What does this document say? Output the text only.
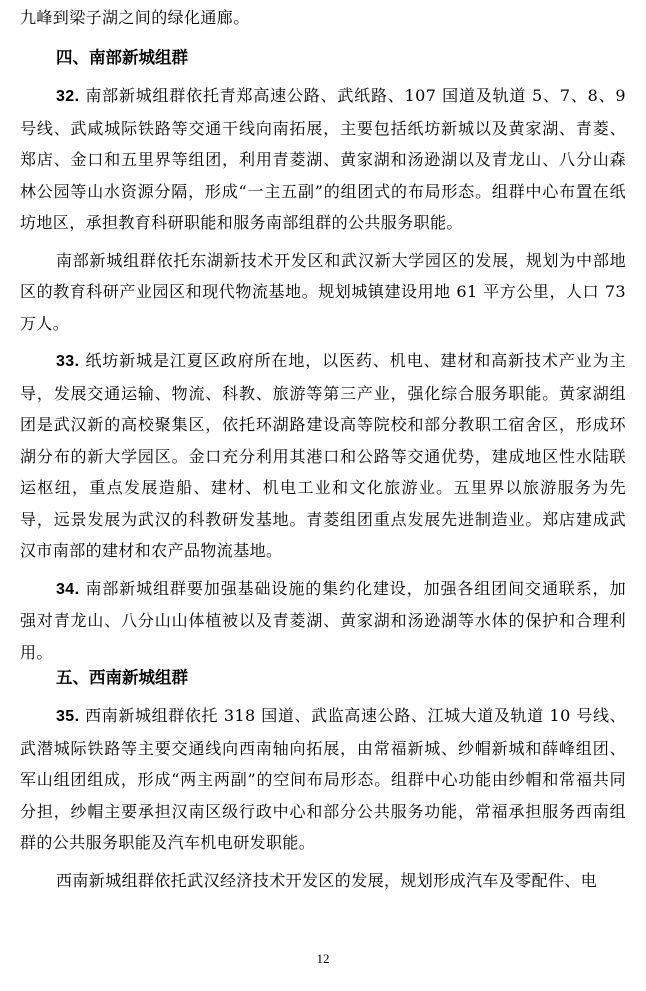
九峰到梁子湖之间的绿化通廊。

四、南部新城组群

32. 南部新城组群依托青郑高速公路、武纸路、107 国道及轨道 5、7、8、9 号线、武咸城际铁路等交通干线向南拓展，主要包括纸坊新城以及黄家湖、青菱、郑店、金口和五里界等组团，利用青菱湖、黄家湖和汤逊湖以及青龙山、八分山森林公园等山水资源分隔，形成“一主五副”的组团式的布局形态。组群中心布置在纸坊地区，承担教育科研职能和服务南部组群的公共服务职能。

南部新城组群依托东湖新技术开发区和武汉新大学园区的发展，规划为中部地区的教育科研产业园区和现代物流基地。规划城镇建设用地 61 平方公里，人口 73 万人。

33. 纸坊新城是江夏区政府所在地，以医药、机电、建材和高新技术产业为主导，发展交通运输、物流、科教、旅游等第三产业，强化综合服务职能。黄家湖组团是武汉新的高校聚集区，依托环湖路建设高等院校和部分教职工宿舍区，形成环湖分布的新大学园区。金口充分利用其港口和公路等交通优势，建成地区性水陆联运枢纽，重点发展造船、建材、机电工业和文化旅游业。五里界以旅游服务为先导，远景发展为武汉的科教研发基地。青菱组团重点发展先进制造业。郑店建成武汉市南部的建材和农产品物流基地。

34. 南部新城组群要加强基础设施的集约化建设，加强各组团间交通联系，加强对青龙山、八分山山体植被以及青菱湖、黄家湖和汤逊湖等水体的保护和合理利用。

五、西南新城组群

35. 西南新城组群依托 318 国道、武监高速公路、江城大道及轨道 10 号线、武潜城际铁路等主要交通线向西南轴向拓展，由常福新城、纱帽新城和薛峰组团、军山组团组成，形成“两主两副”的空间布局形态。组群中心功能由纱帽和常福共同分担，纱帽主要承担汉南区级行政中心和部分公共服务功能，常福承担服务西南组群的公共服务职能及汽车机电研发职能。

西南新城组群依托武汉经济技术开发区的发展，规划形成汽车及零配件、电

12
